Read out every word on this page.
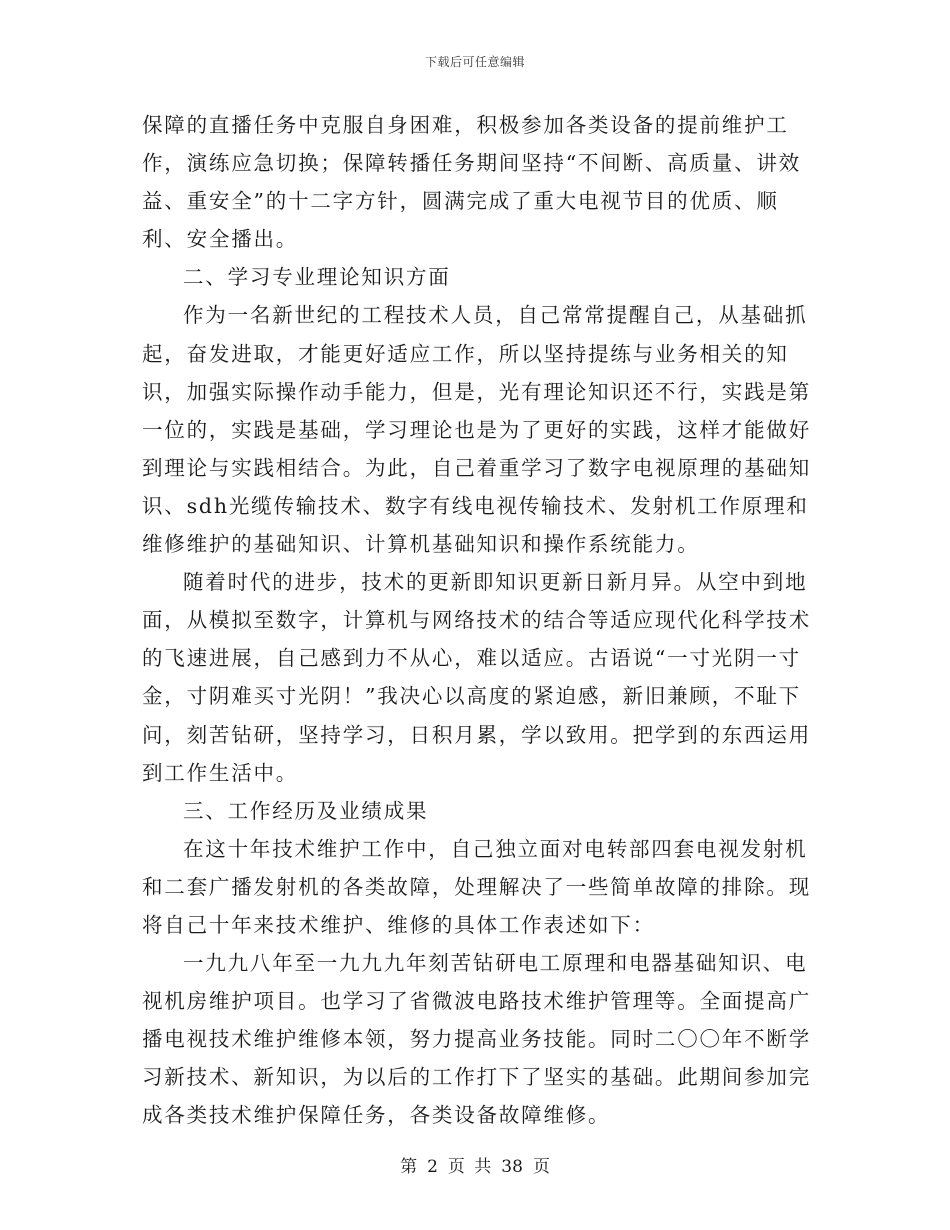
下载后可任意编辑

保障的直播任务中克服自身困难，积极参加各类设备的提前维护工作，演练应急切换；保障转播任务期间坚持“不间断、高质量、讲效益、重安全”的十二字方针，圆满完成了重大电视节目的优质、顺利、安全播出。

二、学习专业理论知识方面

作为一名新世纪的工程技术人员，自己常常提醒自己，从基础抓起，奋发进取，才能更好适应工作，所以坚持提练与业务相关的知识，加强实际操作动手能力，但是，光有理论知识还不行，实践是第一位的，实践是基础，学习理论也是为了更好的实践，这样才能做好到理论与实践相结合。为此，自己着重学习了数字电视原理的基础知识、sdh光缆传输技术、数字有线电视传输技术、发射机工作原理和维修维护的基础知识、计算机基础知识和操作系统能力。

随着时代的进步，技术的更新即知识更新日新月异。从空中到地面，从模拟至数字，计算机与网络技术的结合等适应现代化科学技术的飞速进展，自己感到力不从心，难以适应。古语说“一寸光阴一寸金，寸阴难买寸光阴！”我决心以高度的紧迫感，新旧兼顾，不耻下问，刻苦钻研，坚持学习，日积月累，学以致用。把学到的东西运用到工作生活中。

三、工作经历及业绩成果

在这十年技术维护工作中，自己独立面对电转部四套电视发射机和二套广播发射机的各类故障，处理解决了一些简单故障的排除。现将自己十年来技术维护、维修的具体工作表述如下：

一九九八年至一九九九年刻苦钻研电工原理和电器基础知识、电视机房维护项目。也学习了省微波电路技术维护管理等。全面提高广播电视技术维护维修本领，努力提高业务技能。同时二〇〇年不断学习新技术、新知识，为以后的工作打下了坚实的基础。此期间参加完成各类技术维护保障任务，各类设备故障维修。

第 2 页 共 38 页
